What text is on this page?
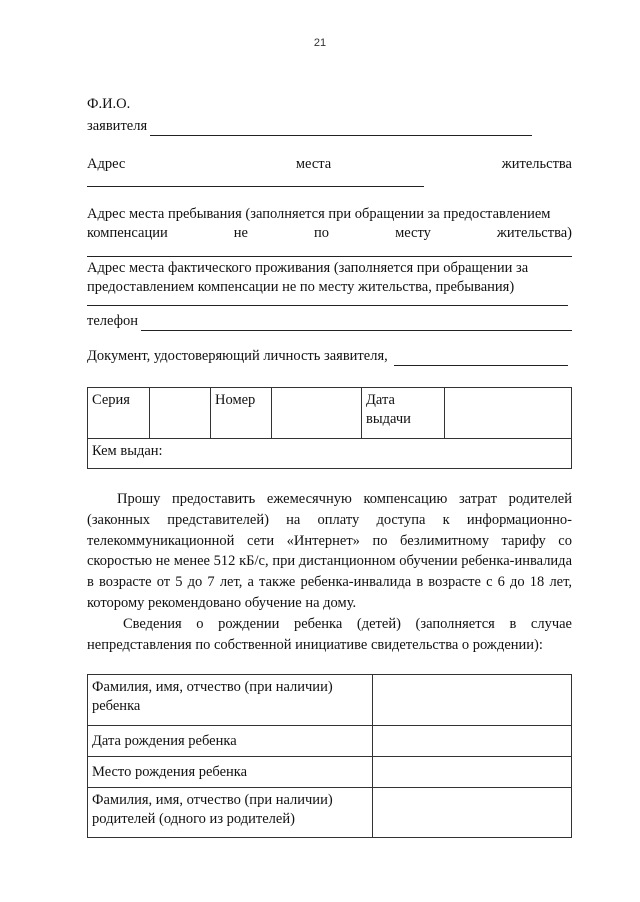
21
Ф.И.О.
заявителя
Адрес	места	жительства
Адрес места пребывания (заполняется при обращении за предоставлением
компенсации	не	по	месту	жительства)
Адрес места фактического проживания (заполняется при обращении за
предоставлением компенсации не по месту жительства, пребывания)
телефон
Документ, удостоверяющий личность заявителя,
Серия		Номер		Дата выдачи	
Кем выдан:
Прошу предоставить ежемесячную компенсацию затрат родителей (законных представителей) на оплату доступа к информационно-телекоммуникационной сети «Интернет» по безлимитному тарифу со скоростью не менее 512 кБ/с, при дистанционном обучении ребенка-инвалида в возрасте от 5 до 7 лет, а также ребенка-инвалида в возрасте с 6 до 18 лет, которому рекомендовано обучение на дому.
Сведения о рождении ребенка (детей) (заполняется в случае непредставления по собственной инициативе свидетельства о рождении):
Фамилия, имя, отчество (при наличии) ребенка	
Дата рождения ребенка	
Место рождения ребенка	
Фамилия, имя, отчество (при наличии) родителей (одного из родителей)	
